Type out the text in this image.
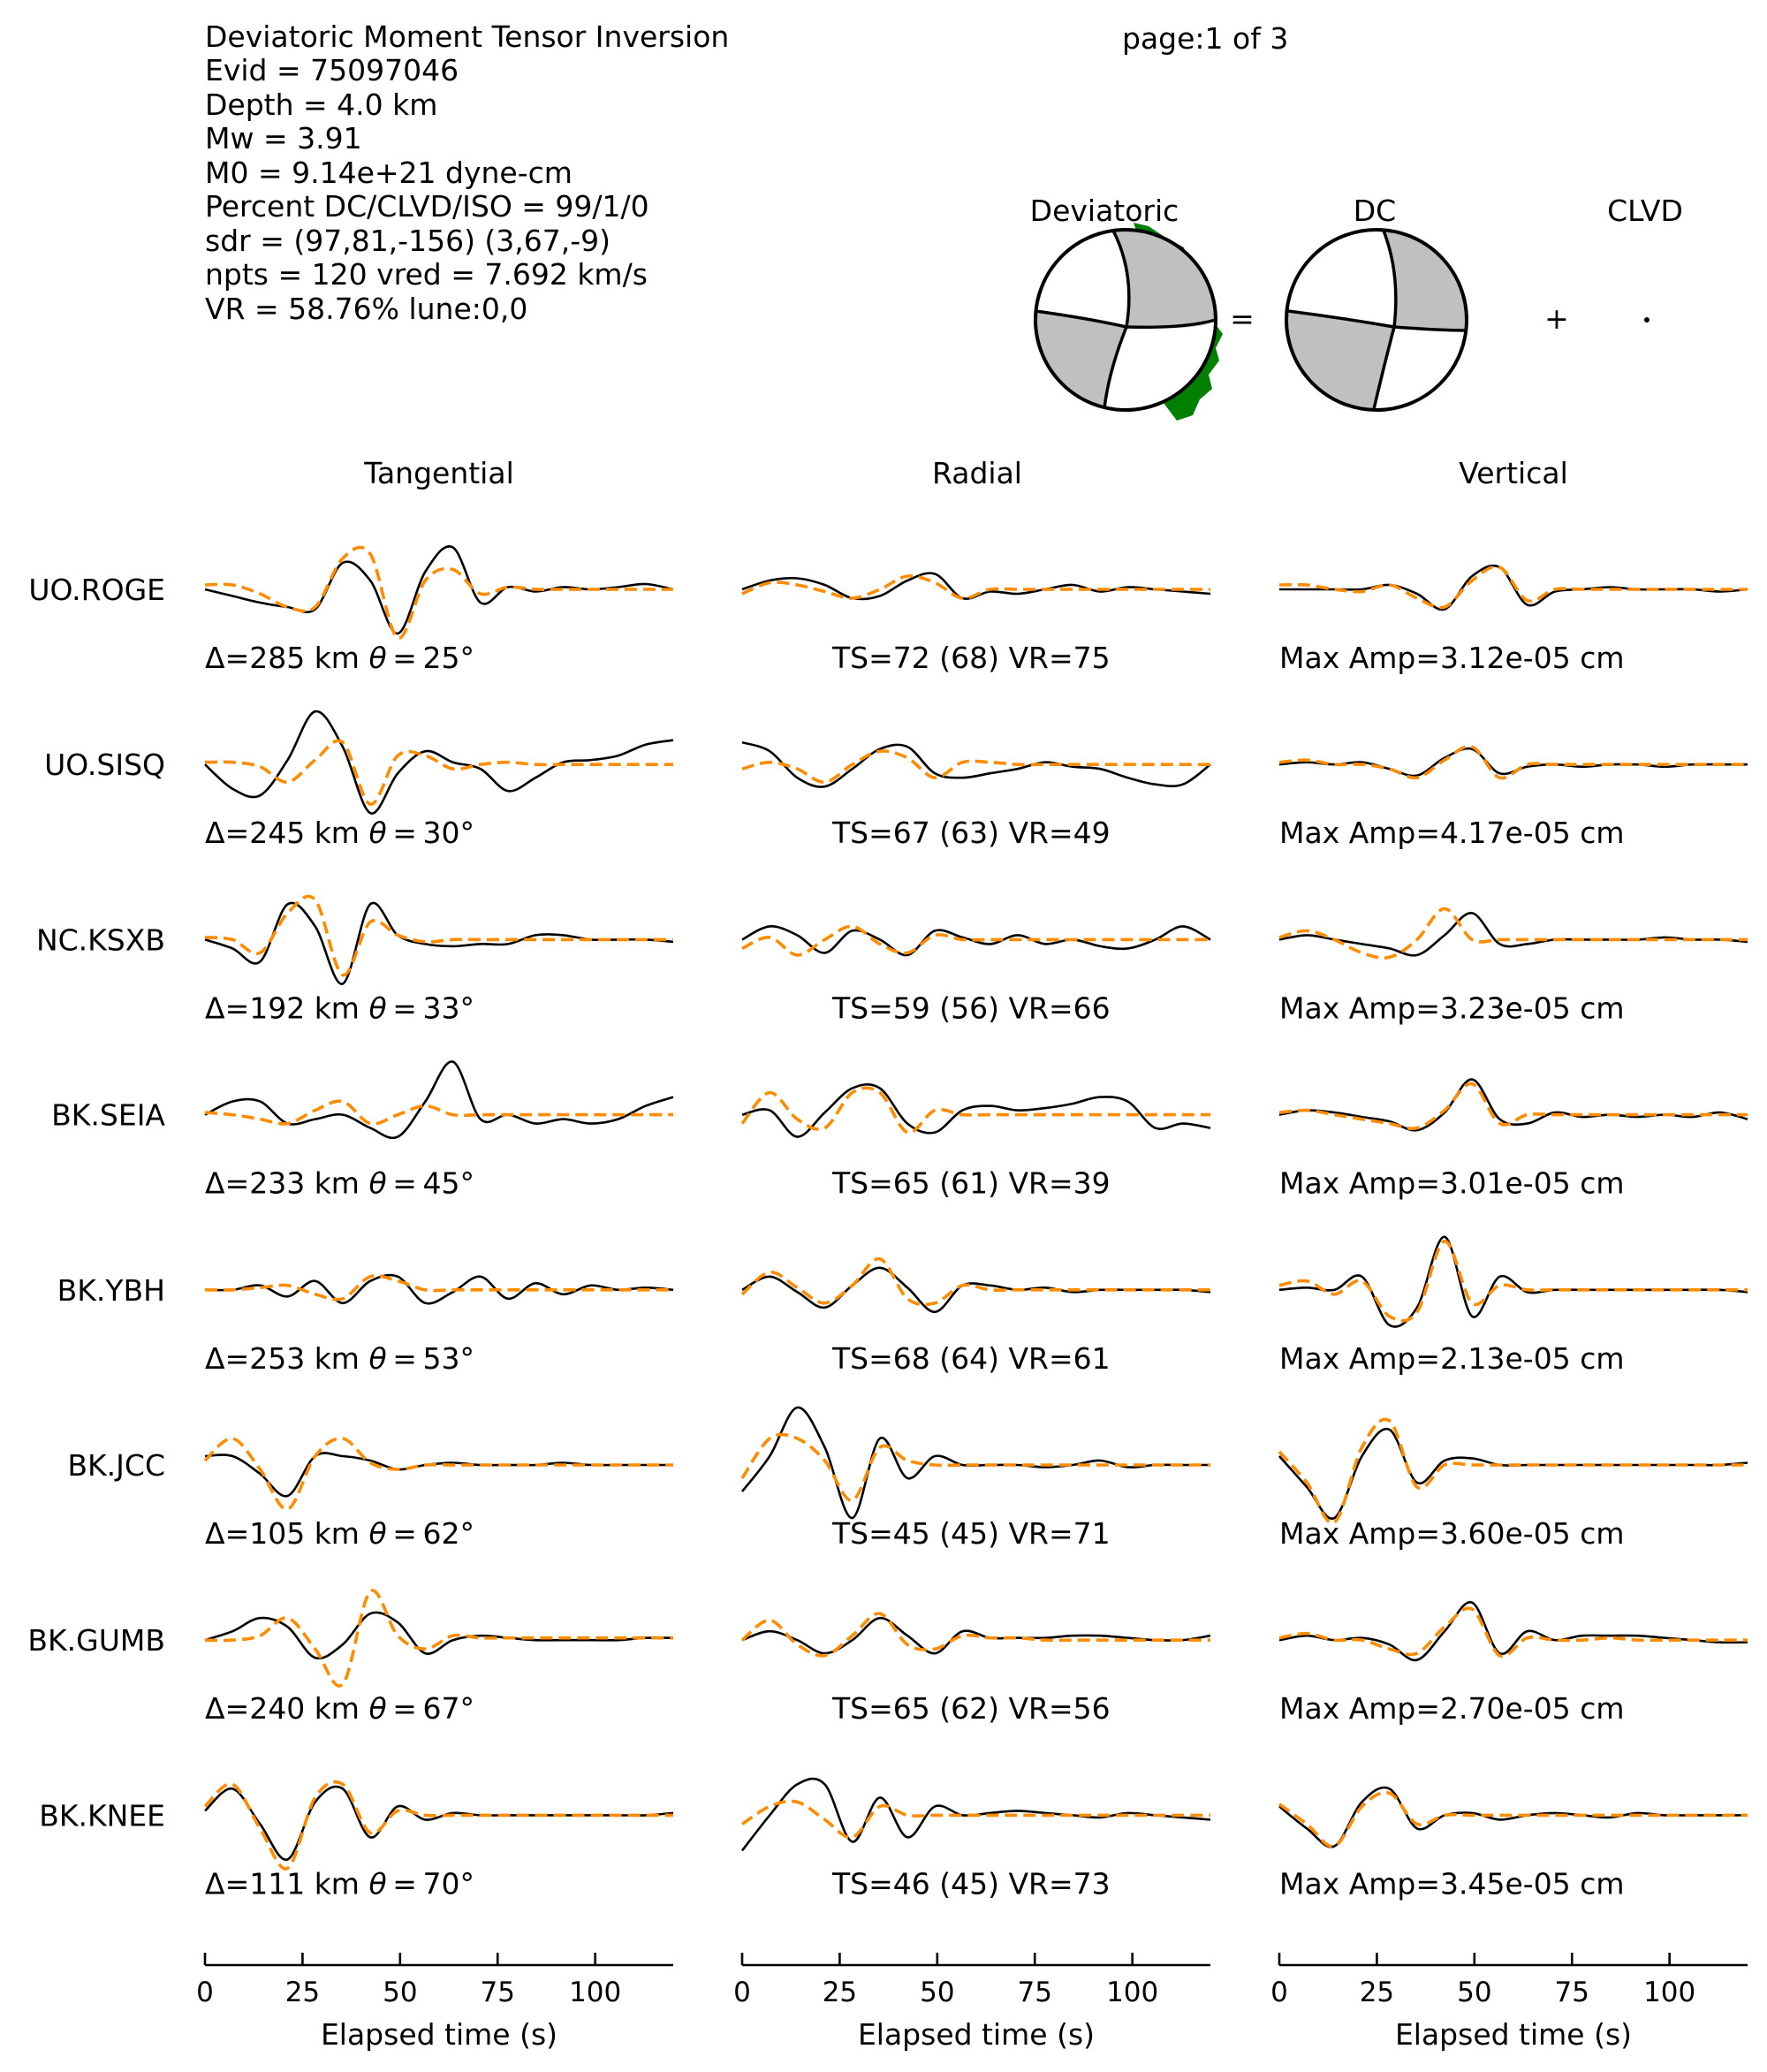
Deviatoric Moment Tensor Inversion
Evid = 75097046
Depth = 4.0 km
Mw = 3.91
M0 = 9.14e+21 dyne-cm
Percent DC/CLVD/ISO = 99/1/0
sdr = (97,81,-156) (3,67,-9)
npts = 120 vred = 7.692 km/s
VR = 58.76% lune:0,0
page:1 of 3
Deviatoric	DC	CLVD
=	+
Tangential	Radial	Vertical
UO.ROGE
Δ=285 km θ = 25°	TS=72 (68) VR=75	Max Amp=3.12e-05 cm
UO.SISQ
Δ=245 km θ = 30°	TS=67 (63) VR=49	Max Amp=4.17e-05 cm
NC.KSXB
Δ=192 km θ = 33°	TS=59 (56) VR=66	Max Amp=3.23e-05 cm
BK.SEIA
Δ=233 km θ = 45°	TS=65 (61) VR=39	Max Amp=3.01e-05 cm
BK.YBH
Δ=253 km θ = 53°	TS=68 (64) VR=61	Max Amp=2.13e-05 cm
BK.JCC
Δ=105 km θ = 62°	TS=45 (45) VR=71	Max Amp=3.60e-05 cm
BK.GUMB
Δ=240 km θ = 67°	TS=65 (62) VR=56	Max Amp=2.70e-05 cm
BK.KNEE
Δ=111 km θ = 70°	TS=46 (45) VR=73	Max Amp=3.45e-05 cm
0	25 50 75 100
Elapsed time (s)
0	25 50 75 100
Elapsed time (s)
0	25 50 75 100
Elapsed time (s)
